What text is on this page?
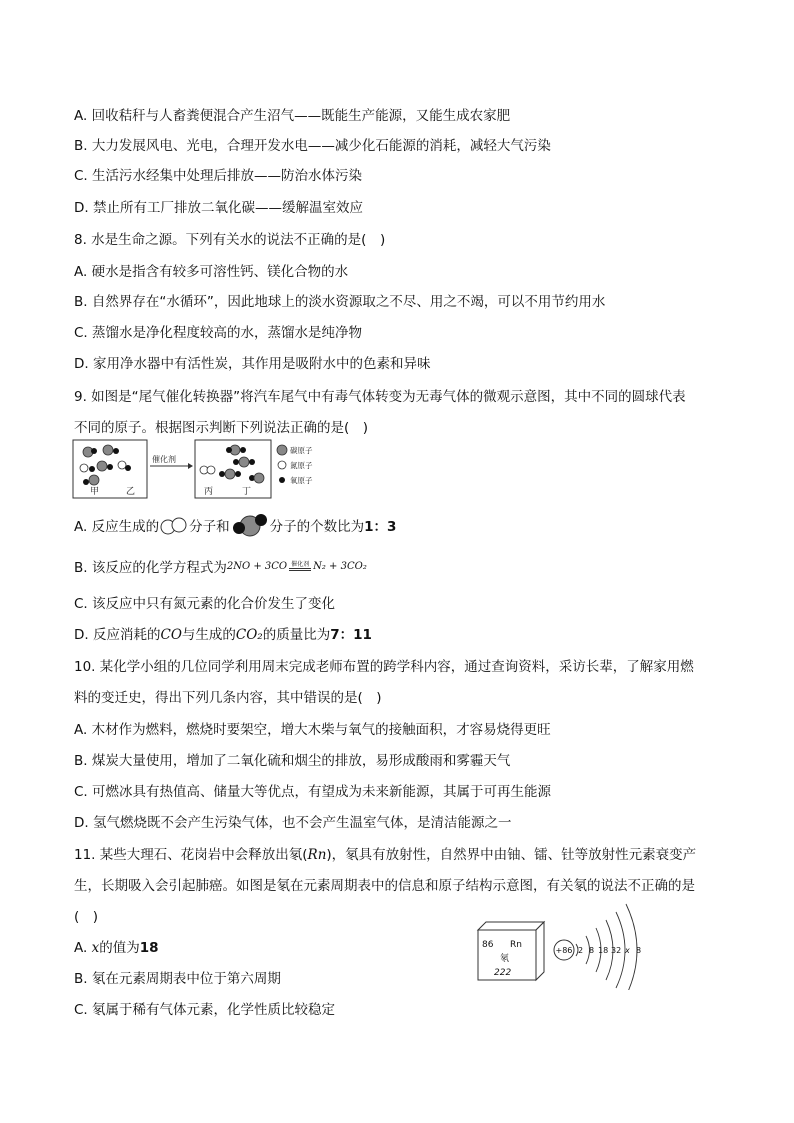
A. 回收秸秆与人畜粪便混合产生沼气——既能生产能源，又能生成农家肥
B. 大力发展风电、光电，合理开发水电——减少化石能源的消耗，减轻大气污染
C. 生活污水经集中处理后排放——防治水体污染
D. 禁止所有工厂排放二氧化碳——缓解温室效应
8. 水是生命之源。下列有关水的说法不正确的是(　)
A. 硬水是指含有较多可溶性钙、镁化合物的水
B. 自然界存在“水循环”，因此地球上的淡水资源取之不尽、用之不竭，可以不用节约用水
C. 蒸馏水是净化程度较高的水，蒸馏水是纯净物
D. 家用净水器中有活性炭，其作用是吸附水中的色素和异味
9. 如图是“尾气催化转换器”将汽车尾气中有毒气体转变为无毒气体的微观示意图，其中不同的圆球代表
不同的原子。根据图示判断下列说法正确的是(　)
甲	乙
催化剂
丙	丁
碳原子
氮原子
氧原子
A. 反应生成的 分子和	分子的个数比为 1：3
B. 该反应的化学方程式为 2NO + 3CO 催化剂 N₂ + 3CO₂
C. 该反应中只有氮元素的化合价发生了变化
D. 反应消耗的CO与生成的CO₂的质量比为7：11
10. 某化学小组的几位同学利用周末完成老师布置的跨学科内容，通过查询资料，采访长辈，了解家用燃
料的变迁史，得出下列几条内容，其中错误的是(　)
A. 木材作为燃料，燃烧时要架空，增大木柴与氧气的接触面积，才容易烧得更旺
B. 煤炭大量使用，增加了二氧化硫和烟尘的排放，易形成酸雨和雾霾天气
C. 可燃冰具有热值高、储量大等优点，有望成为未来新能源，其属于可再生能源
D. 氢气燃烧既不会产生污染气体，也不会产生温室气体，是清洁能源之一
11. 某些大理石、花岗岩中会释放出氡(Rn)，氡具有放射性，自然界中由铀、镭、钍等放射性元素衰变产
生，长期吸入会引起肺癌。如图是氡在元素周期表中的信息和原子结构示意图，有关氡的说法不正确的是
(　)
A. x的值为18
B. 氡在元素周期表中位于第六周期
C. 氡属于稀有气体元素，化学性质比较稳定
86 Rn
氡
222
+86 2 8 18 32 x 8
